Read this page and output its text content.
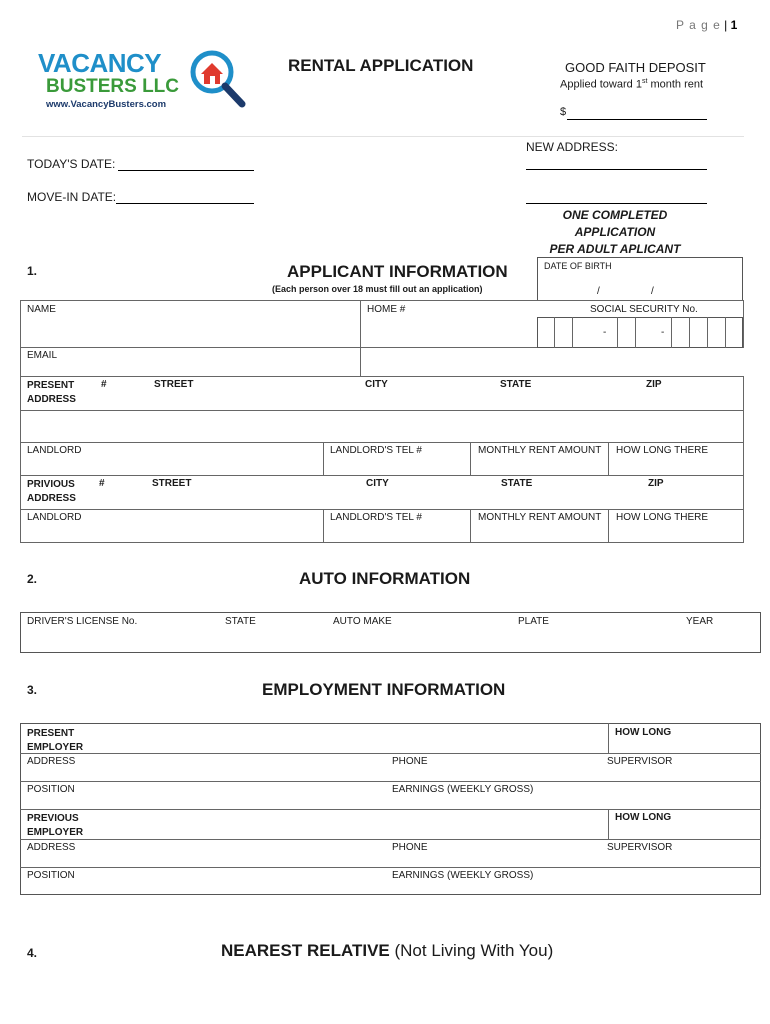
P a g e | 1
VACANCY
BUSTERS LLC
www.VacancyBusters.com
RENTAL APPLICATION	GOOD FAITH DEPOSIT
Applied toward 1st month rent
$
TODAY'S DATE:
MOVE-IN DATE:
NEW ADDRESS:
ONE COMPLETED
APPLICATION
PER ADULT APLICANT
1.	APPLICANT INFORMATION
(Each person over 18 must fill out an application)
DATE OF BIRTH
/	/
NAME	HOME #	SOCIAL SECURITY No.
-	-
EMAIL
PRESENT
ADDRESS
#	STREET	CITY	STATE	ZIP
LANDLORD	LANDLORD'S TEL #	MONTHLY RENT AMOUNT HOW LONG THERE
PRIVIOUS
ADDRESS
#	STREET	CITY	STATE	ZIP
LANDLORD	LANDLORD'S TEL #	MONTHLY RENT AMOUNT HOW LONG THERE
2.	AUTO INFORMATION
DRIVER'S LICENSE No.	STATE	AUTO MAKE	PLATE	YEAR
3.	EMPLOYMENT INFORMATION
PRESENT
EMPLOYER
HOW LONG
ADDRESS	PHONE	SUPERVISOR
POSITION	EARNINGS (WEEKLY GROSS)
PREVIOUS
EMPLOYER
HOW LONG
ADDRESS	PHONE	SUPERVISOR
POSITION	EARNINGS (WEEKLY GROSS)
4.	NEAREST RELATIVE (Not Living With You)
